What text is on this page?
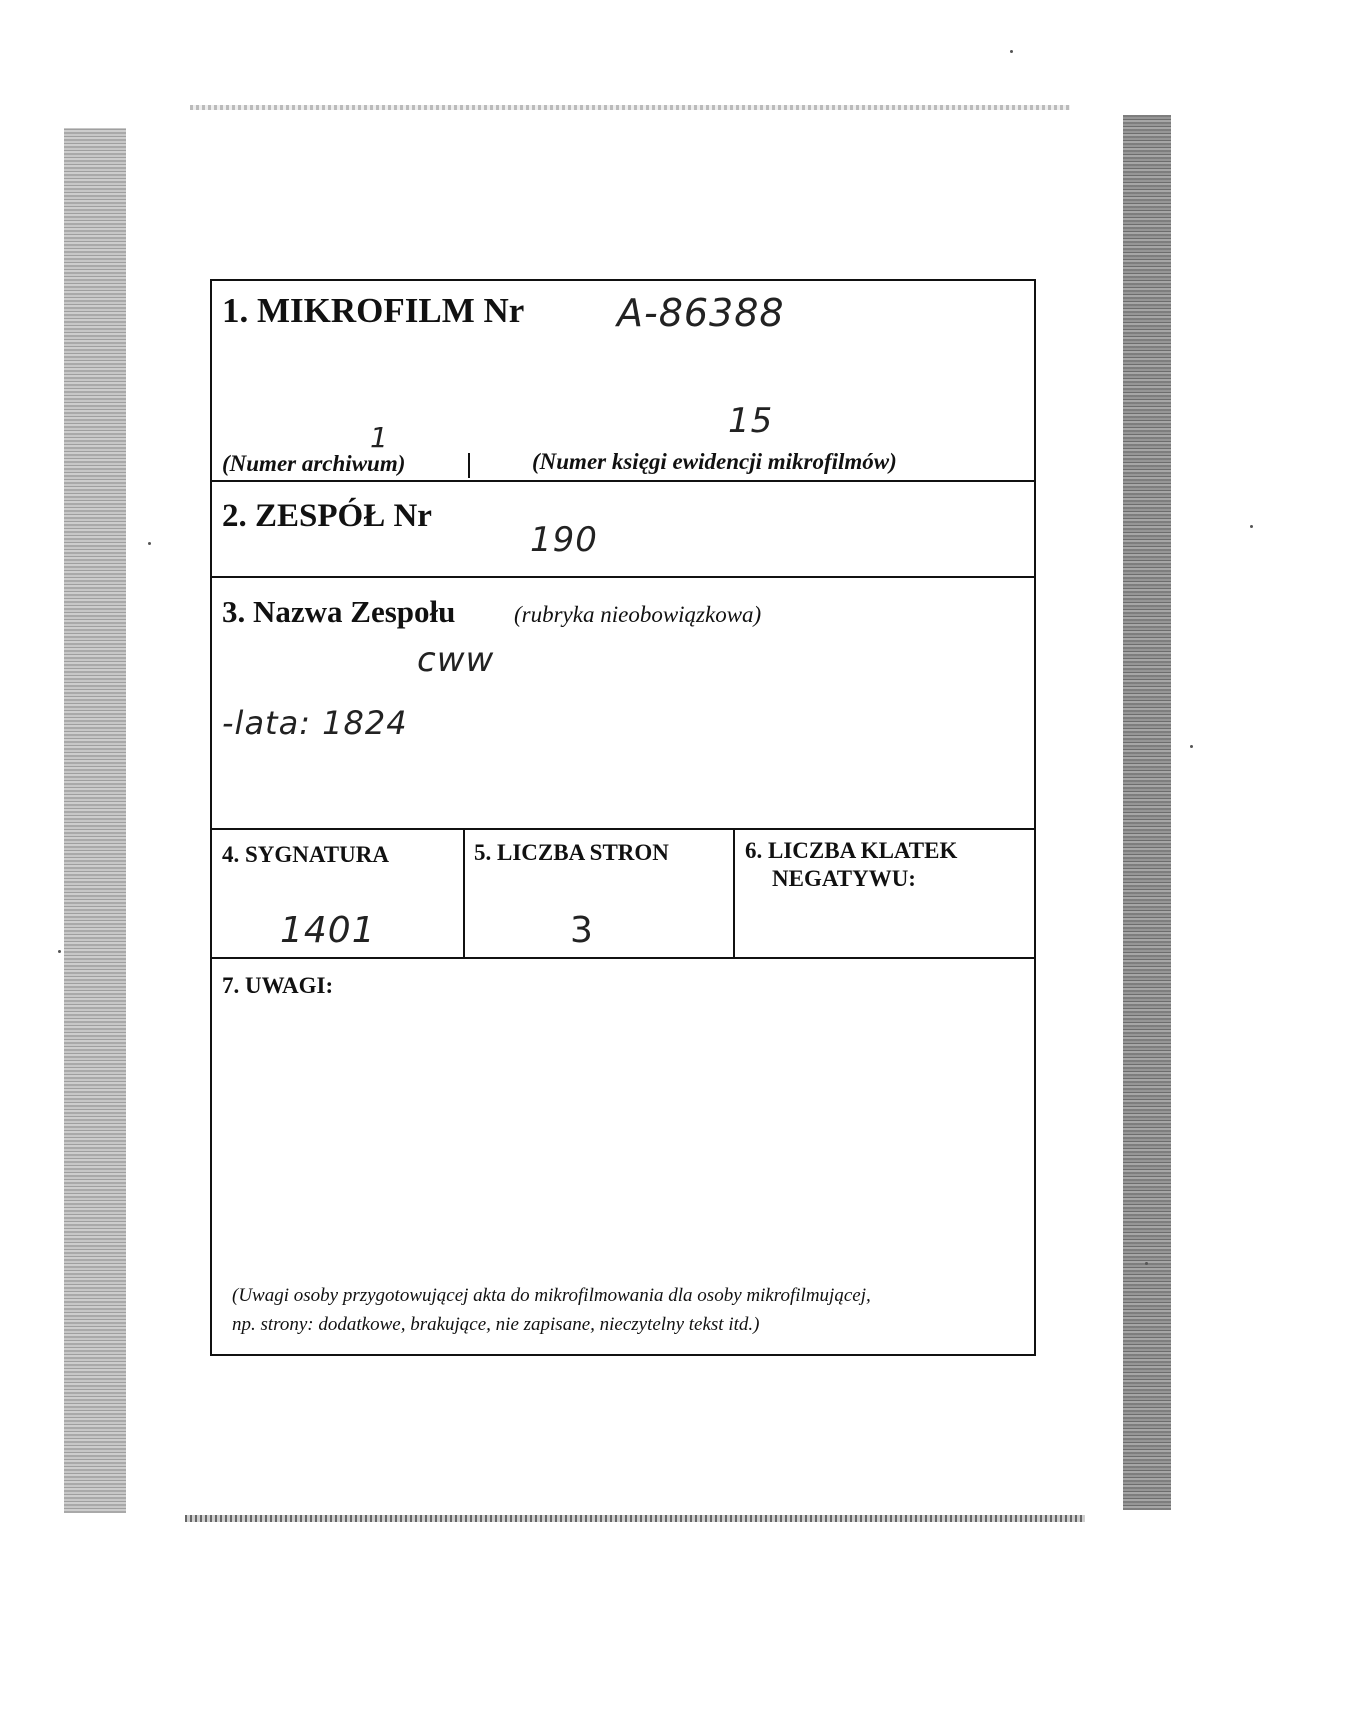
1. MIKROFILM Nr A-86388
1	15
(Numer archiwum)	(Numer księgi ewidencji mikrofilmów)
2. ZESPÓŁ Nr
190
3. Nazwa Zespołu	(rubryka nieobowiązkowa)
cww
-lata: 1824
4. SYGNATURA
1401
5. LICZBA STRON
3
6. LICZBA KLATEK
NEGATYWU:
7. UWAGI:
(Uwagi osoby przygotowującej akta do mikrofilmowania dla osoby mikrofilmującej,
np. strony: dodatkowe, brakujące, nie zapisane, nieczytelny tekst itd.)
